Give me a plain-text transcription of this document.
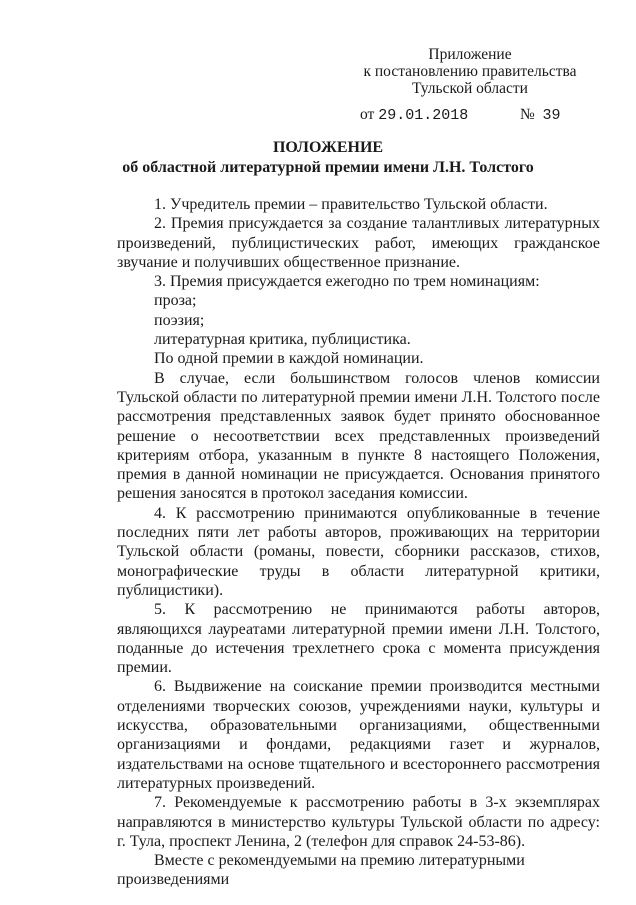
Приложение
к постановлению правительства
Тульской области
от 29.01.2018	№ 39
ПОЛОЖЕНИЕ
об областной литературной премии имени Л.Н. Толстого

1. Учредитель премии – правительство Тульской области.

2. Премия присуждается за создание талантливых литературных произведений, публицистических работ, имеющих гражданское звучание и получивших общественное признание.

3. Премия присуждается ежегодно по трем номинациям:

проза;

поэзия;

литературная критика, публицистика.

По одной премии в каждой номинации.

В случае, если большинством голосов членов комиссии Тульской области по литературной премии имени Л.Н. Толстого после рассмотрения представленных заявок будет принято обоснованное решение о несоответствии всех представленных произведений критериям отбора, указанным в пункте 8 настоящего Положения, премия в данной номинации не присуждается. Основания принятого решения заносятся в протокол заседания комиссии.

4. К рассмотрению принимаются опубликованные в течение последних пяти лет работы авторов, проживающих на территории Тульской области (романы, повести, сборники рассказов, стихов, монографические труды в области литературной критики, публицистики).

5. К рассмотрению не принимаются работы авторов, являющихся лауреатами литературной премии имени Л.Н. Толстого, поданные до истечения трехлетнего срока с момента присуждения премии.

6. Выдвижение на соискание премии производится местными отделениями творческих союзов, учреждениями науки, культуры и искусства, образовательными организациями, общественными организациями и фондами, редакциями газет и журналов, издательствами на основе тщательного и всестороннего рассмотрения литературных произведений.

7. Рекомендуемые к рассмотрению работы в 3-х экземплярах направляются в министерство культуры Тульской области по адресу: г. Тула, проспект Ленина, 2 (телефон для справок 24-53-86).

Вместе с рекомендуемыми на премию литературными произведениями
